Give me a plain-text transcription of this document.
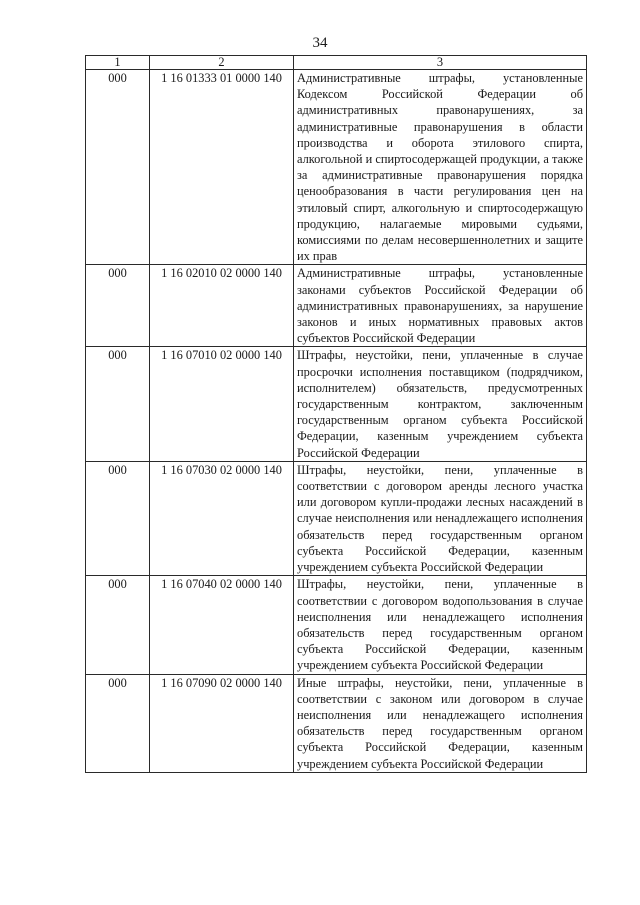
34
1	2	3
000	1 16 01333 01 0000 140	Административные штрафы, установленные Кодексом Российской Федерации об административных правонарушениях, за административные правонарушения в области производства и оборота этилового спирта, алкогольной и спиртосодержащей продукции, а также за административные правонарушения порядка ценообразования в части регулирования цен на этиловый спирт, алкогольную и спиртосодержащую продукцию, налагаемые мировыми судьями, комиссиями по делам несовершеннолетних и защите их прав
000	1 16 02010 02 0000 140	Административные штрафы, установленные законами субъектов Российской Федерации об административных правонарушениях, за нарушение законов и иных нормативных правовых актов субъектов Российской Федерации
000	1 16 07010 02 0000 140	Штрафы, неустойки, пени, уплаченные в случае просрочки исполнения поставщиком (подрядчиком, исполнителем) обязательств, предусмотренных государственным контрактом, заключенным государственным органом субъекта Российской Федерации, казенным учреждением субъекта Российской Федерации
000	1 16 07030 02 0000 140	Штрафы, неустойки, пени, уплаченные в соответствии с договором аренды лесного участка или договором купли-продажи лесных насаждений в случае неисполнения или ненадлежащего исполнения обязательств перед государственным органом субъекта Российской Федерации, казенным учреждением субъекта Российской Федерации
000	1 16 07040 02 0000 140	Штрафы, неустойки, пени, уплаченные в соответствии с договором водопользования в случае неисполнения или ненадлежащего исполнения обязательств перед государственным органом субъекта Российской Федерации, казенным учреждением субъекта Российской Федерации
000	1 16 07090 02 0000 140	Иные штрафы, неустойки, пени, уплаченные в соответствии с законом или договором в случае неисполнения или ненадлежащего исполнения обязательств перед государственным органом субъекта Российской Федерации, казенным учреждением субъекта Российской Федерации
